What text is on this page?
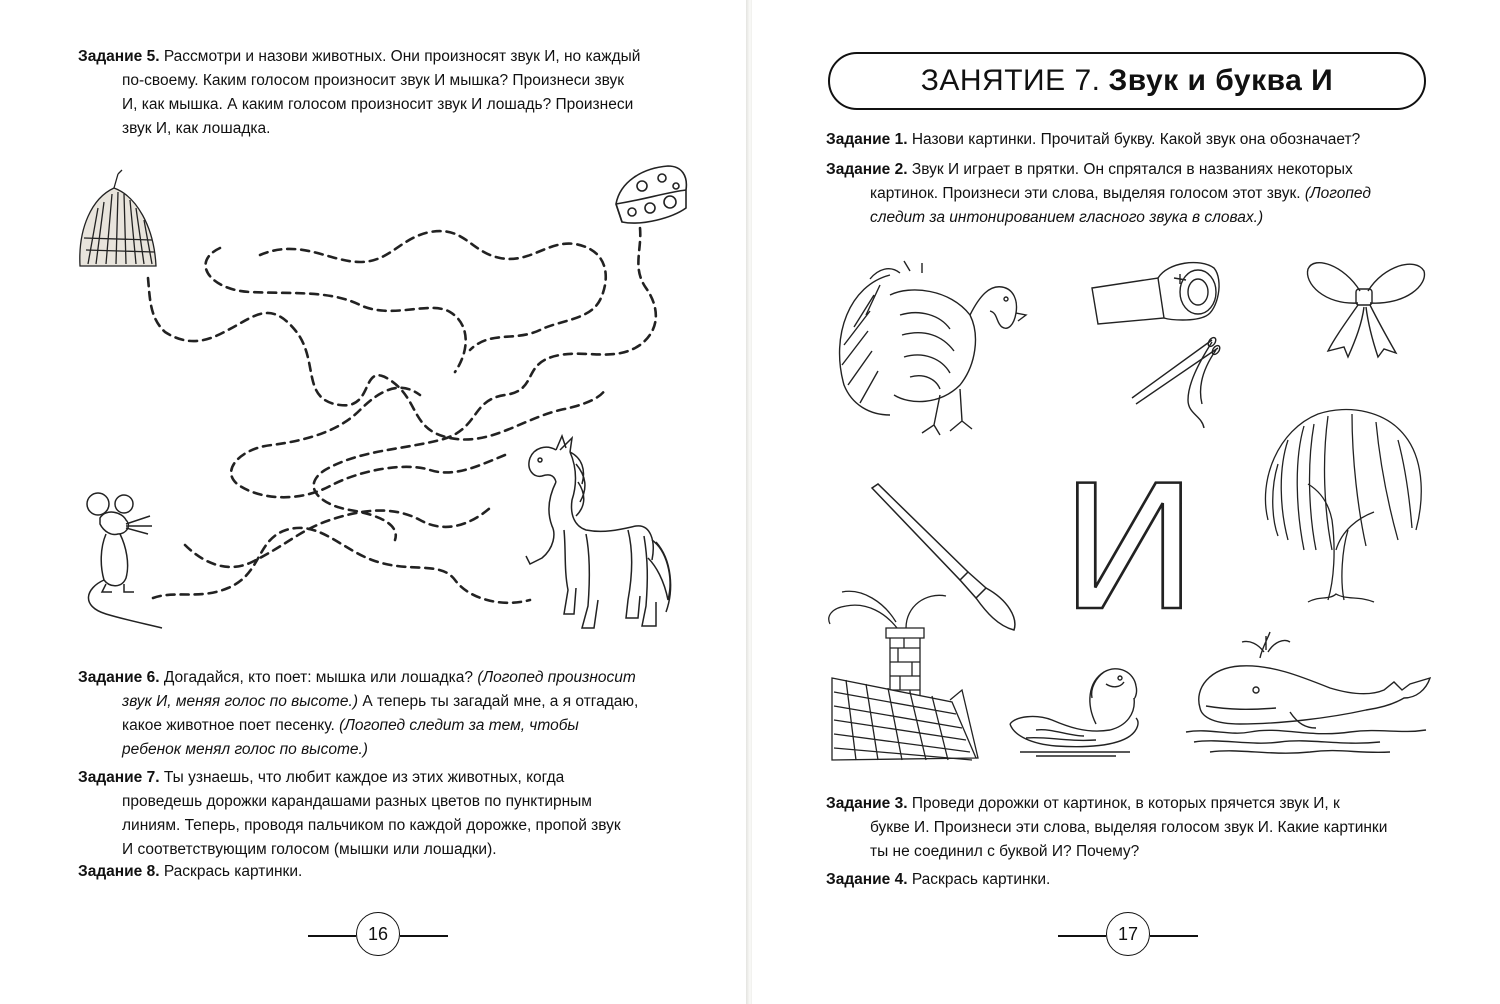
Задание 5. Рассмотри и назови животных. Они произносят звук И, но каждый
по-своему. Каким голосом произносит звук И мышка? Произнеси звук
И, как мышка. А каким голосом произносит звук И лошадь? Произнеси
звук И, как лошадка.
Задание 6. Догадайся, кто поет: мышка или лошадка? (Логопед произносит
звук И, меняя голос по высоте.) А теперь ты загадай мне, а я отгадаю,
какое животное поет песенку. (Логопед следит за тем, чтобы
ребенок менял голос по высоте.)
Задание 7. Ты узнаешь, что любит каждое из этих животных, когда
проведешь дорожки карандашами разных цветов по пунктирным
линиям. Теперь, проводя пальчиком по каждой дорожке, пропой звук
И соответствующим голосом (мышки или лошадки).
Задание 8. Раскрась картинки.
16
ЗАНЯТИЕ 7. Звук и буква И
Задание 1. Назови картинки. Прочитай букву. Какой звук она обозначает?
Задание 2. Звук И играет в прятки. Он спрятался в названиях некоторых
картинок. Произнеси эти слова, выделяя голосом этот звук. (Логопед
следит за интонированием гласного звука в словах.)
И
Задание 3. Проведи дорожки от картинок, в которых прячется звук И, к
букве И. Произнеси эти слова, выделяя голосом звук И. Какие картинки
ты не соединил с буквой И? Почему?
Задание 4. Раскрась картинки.
17
